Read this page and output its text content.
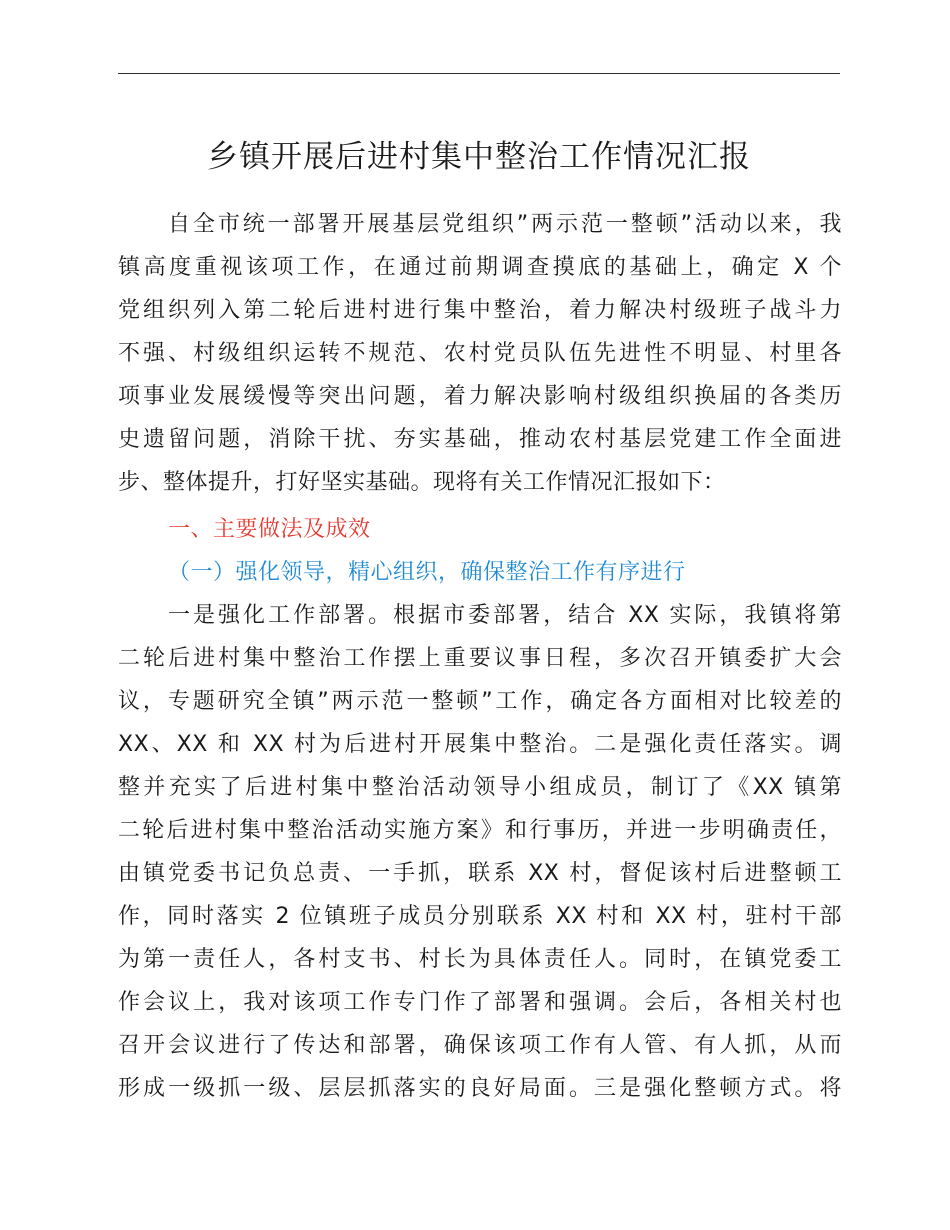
乡镇开展后进村集中整治工作情况汇报
自全市统一部署开展基层党组织”两示范一整顿”活动以来，我
镇高度重视该项工作，在通过前期调查摸底的基础上，确定 X 个
党组织列入第二轮后进村进行集中整治，着力解决村级班子战斗力
不强、村级组织运转不规范、农村党员队伍先进性不明显、村里各
项事业发展缓慢等突出问题，着力解决影响村级组织换届的各类历
史遗留问题，消除干扰、夯实基础，推动农村基层党建工作全面进
步、整体提升，打好坚实基础。现将有关工作情况汇报如下：
一、主要做法及成效
（一）强化领导，精心组织，确保整治工作有序进行
一是强化工作部署。根据市委部署，结合 XX 实际，我镇将第
二轮后进村集中整治工作摆上重要议事日程，多次召开镇委扩大会
议，专题研究全镇”两示范一整顿”工作，确定各方面相对比较差的
XX、XX 和 XX 村为后进村开展集中整治。二是强化责任落实。调
整并充实了后进村集中整治活动领导小组成员，制订了《XX 镇第
二轮后进村集中整治活动实施方案》和行事历，并进一步明确责任，
由镇党委书记负总责、一手抓，联系 XX 村，督促该村后进整顿工
作，同时落实 2 位镇班子成员分别联系 XX 村和 XX 村，驻村干部
为第一责任人，各村支书、村长为具体责任人。同时，在镇党委工
作会议上，我对该项工作专门作了部署和强调。会后，各相关村也
召开会议进行了传达和部署，确保该项工作有人管、有人抓，从而
形成一级抓一级、层层抓落实的良好局面。三是强化整顿方式。将
